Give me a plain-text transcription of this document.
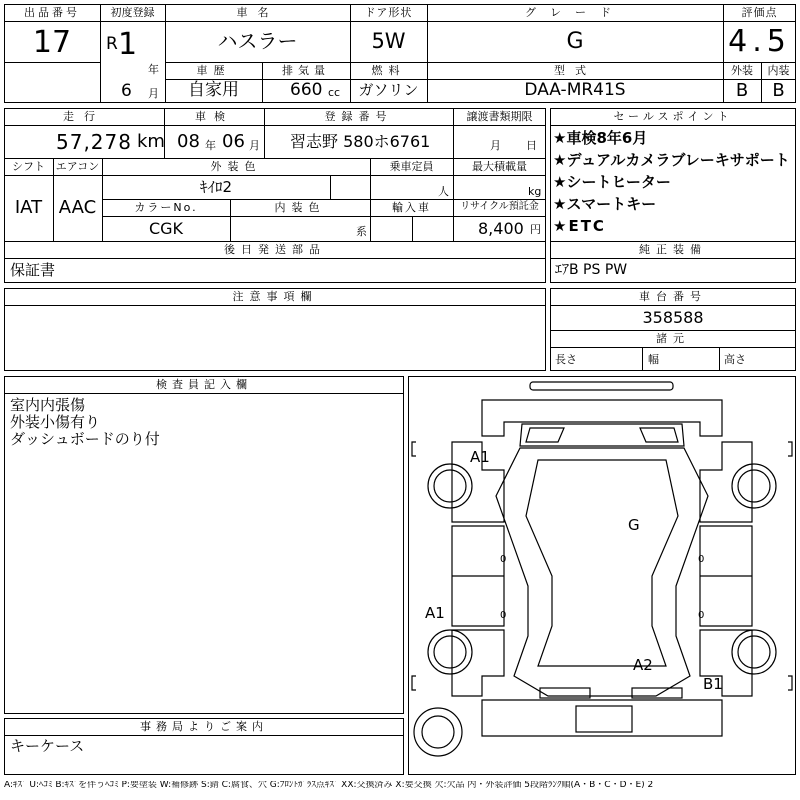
出品番号
17
初度登録
R 1
年
6 月
車名
ハスラー
ドア形状
5W
グレード
G
評価点
4.5
外装	内装
B	B
車歴
自家用
排気量
660 cc
燃料
ガソリン
型式
DAA-MR41S
走行
57,278 km
車検
08 年 06 月
登録番号
習志野 580ホ6761
譲渡書類期限
月 日
シフト
IAT
エアコン
AAC
外装色
ｷｲﾛ2
乗車定員
人
最大積載量
kg
カラーNo.
CGK
内装色
系
輸入車	リサイクル預託金
8,400 円
後日発送部品
保証書
セールスポイント
★車検8年6月
★デュアルカメラブレーキサポート
★シートヒーター
★スマートキー
★ETC
純正装備
ｴｱB PS PW
注意事項欄	車台番号
358588
諸元
長さ	幅	高さ
検査員記入欄
室内内張傷
外装小傷有り
ダッシュボードのり付
事務局よりご案内
キーケース
0
0
0
0
A1
G
A1
A2
B1
A:ｷｽﾞ U:ﾍｺﾐ B:ｷｽﾞを伴うﾍｺﾐ P:要塗装 W:補修跡 S:錆 C:腐食、穴 G:ﾌﾛﾝﾄｶﾞﾗｽ点ｷｽﾞ XX:交換済み X:要交換 欠:欠品 内・外装評価 5段階ﾗﾝｸ順(A・B・C・D・E) 2
